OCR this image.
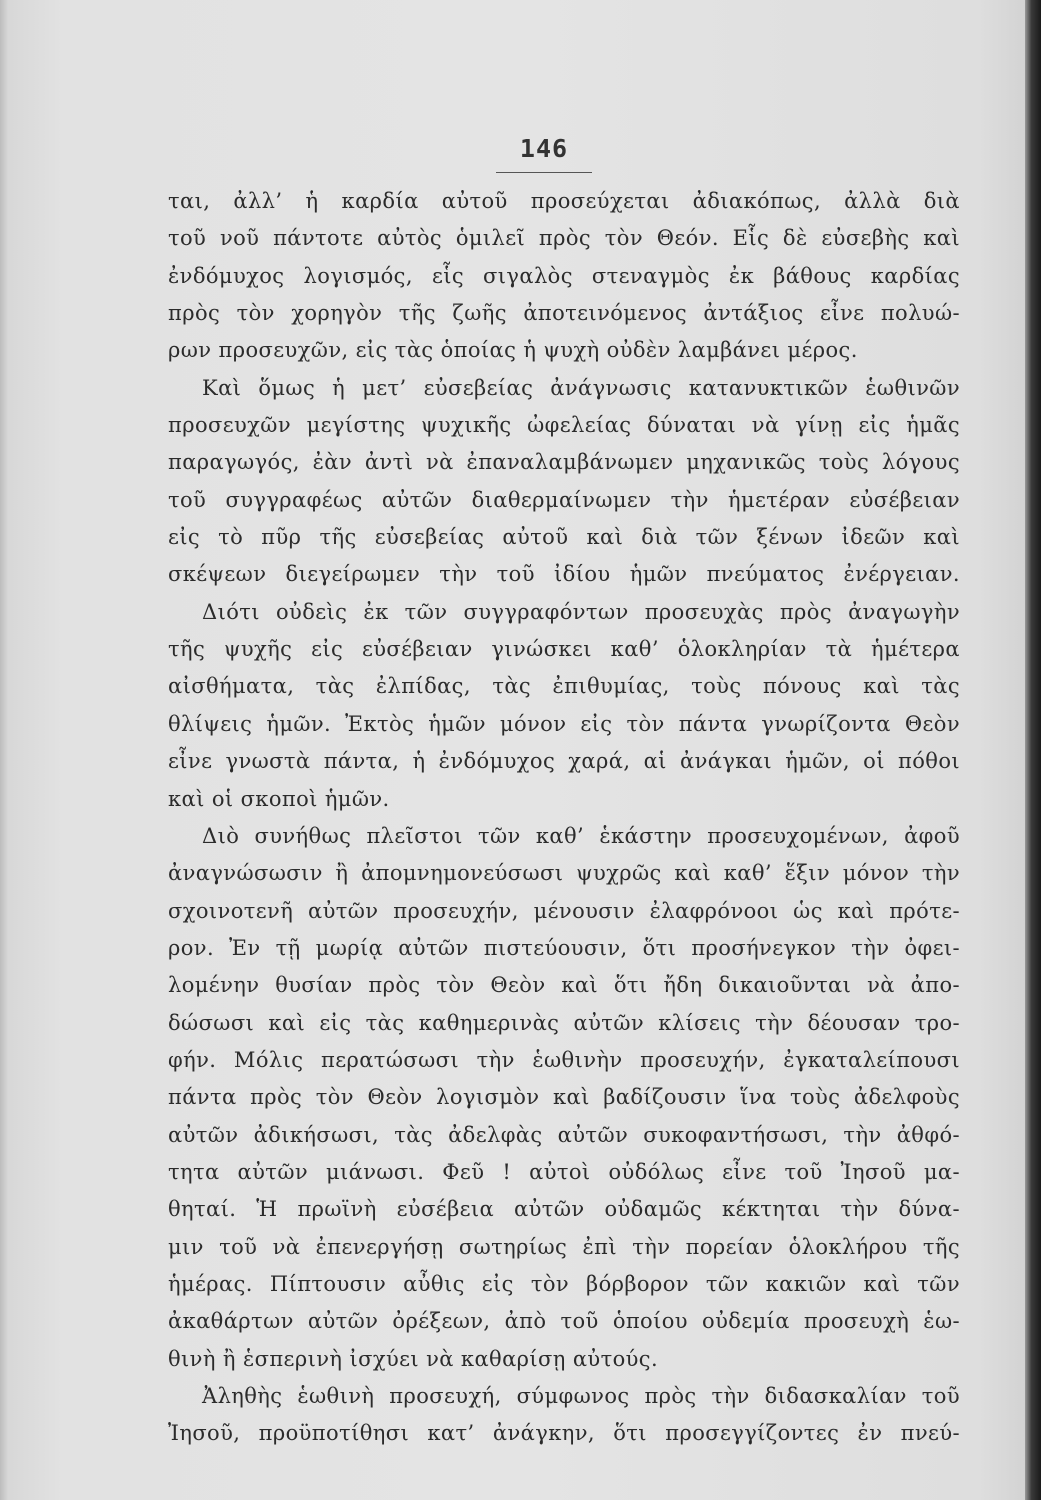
146
ται, ἀλλ’ ἡ καρδία αὐτοῦ προσεύχεται ἀδιακόπως, ἀλλὰ διὰ
τοῦ νοῦ πάντοτε αὐτὸς ὁμιλεῖ πρὸς τὸν Θεόν. Εἷς δὲ εὐσεβὴς καὶ
ἐνδόμυχος λογισμός, εἷς σιγαλὸς στεναγμὸς ἐκ βάθους καρδίας
πρὸς τὸν χορηγὸν τῆς ζωῆς ἀποτεινόμενος ἀντάξιος εἶνε πολυώ-
ρων προσευχῶν, εἰς τὰς ὁποίας ἡ ψυχὴ οὐδὲν λαμβάνει μέρος.
Καὶ ὅμως ἡ μετ’ εὐσεβείας ἀνάγνωσις κατανυκτικῶν ἑωθινῶν
προσευχῶν μεγίστης ψυχικῆς ὠφελείας δύναται νὰ γίνῃ εἰς ἡμᾶς
παραγωγός, ἐὰν ἀντὶ νὰ ἐπαναλαμβάνωμεν μηχανικῶς τοὺς λόγους
τοῦ συγγραφέως αὐτῶν διαθερμαίνωμεν τὴν ἡμετέραν εὐσέβειαν
εἰς τὸ πῦρ τῆς εὐσεβείας αὐτοῦ καὶ διὰ τῶν ξένων ἰδεῶν καὶ
σκέψεων διεγείρωμεν τὴν τοῦ ἰδίου ἡμῶν πνεύματος ἐνέργειαν.
Διότι οὐδεὶς ἐκ τῶν συγγραφόντων προσευχὰς πρὸς ἀναγωγὴν
τῆς ψυχῆς εἰς εὐσέβειαν γινώσκει καθ’ ὁλοκληρίαν τὰ ἡμέτερα
αἰσθήματα, τὰς ἐλπίδας, τὰς ἐπιθυμίας, τοὺς πόνους καὶ τὰς
θλίψεις ἡμῶν. Ἐκτὸς ἡμῶν μόνον εἰς τὸν πάντα γνωρίζοντα Θεὸν
εἶνε γνωστὰ πάντα, ἡ ἐνδόμυχος χαρά, αἱ ἀνάγκαι ἡμῶν, οἱ πόθοι
καὶ οἱ σκοποὶ ἡμῶν.
Διὸ συνήθως πλεῖστοι τῶν καθ’ ἑκάστην προσευχομένων, ἀφοῦ
ἀναγνώσωσιν ἢ ἀπομνημονεύσωσι ψυχρῶς καὶ καθ’ ἕξιν μόνον τὴν
σχοινοτενῆ αὐτῶν προσευχήν, μένουσιν ἐλαφρόνοοι ὡς καὶ πρότε-
ρον. Ἐν τῇ μωρίᾳ αὐτῶν πιστεύουσιν, ὅτι προσήνεγκον τὴν ὀφει-
λομένην θυσίαν πρὸς τὸν Θεὸν καὶ ὅτι ἤδη δικαιοῦνται νὰ ἀπο-
δώσωσι καὶ εἰς τὰς καθημερινὰς αὐτῶν κλίσεις τὴν δέουσαν τρο-
φήν. Μόλις περατώσωσι τὴν ἑωθινὴν προσευχήν, ἐγκαταλείπουσι
πάντα πρὸς τὸν Θεὸν λογισμὸν καὶ βαδίζουσιν ἵνα τοὺς ἀδελφοὺς
αὐτῶν ἀδικήσωσι, τὰς ἀδελφὰς αὐτῶν συκοφαντήσωσι, τὴν ἀθφό-
τητα αὐτῶν μιάνωσι. Φεῦ ! αὐτοὶ οὐδόλως εἶνε τοῦ Ἰησοῦ μα-
θηταί. Ἡ πρωϊνὴ εὐσέβεια αὐτῶν οὐδαμῶς κέκτηται τὴν δύνα-
μιν τοῦ νὰ ἐπενεργήσῃ σωτηρίως ἐπὶ τὴν πορείαν ὁλοκλήρου τῆς
ἡμέρας. Πίπτουσιν αὖθις εἰς τὸν βόρβορον τῶν κακιῶν καὶ τῶν
ἀκαθάρτων αὐτῶν ὀρέξεων, ἀπὸ τοῦ ὁποίου οὐδεμία προσευχὴ ἑω-
θινὴ ἢ ἑσπερινὴ ἰσχύει νὰ καθαρίσῃ αὐτούς.
Ἀληθὴς ἑωθινὴ προσευχή, σύμφωνος πρὸς τὴν διδασκαλίαν τοῦ
Ἰησοῦ, προϋποτίθησι κατ’ ἀνάγκην, ὅτι προσεγγίζοντες ἐν πνεύ-
